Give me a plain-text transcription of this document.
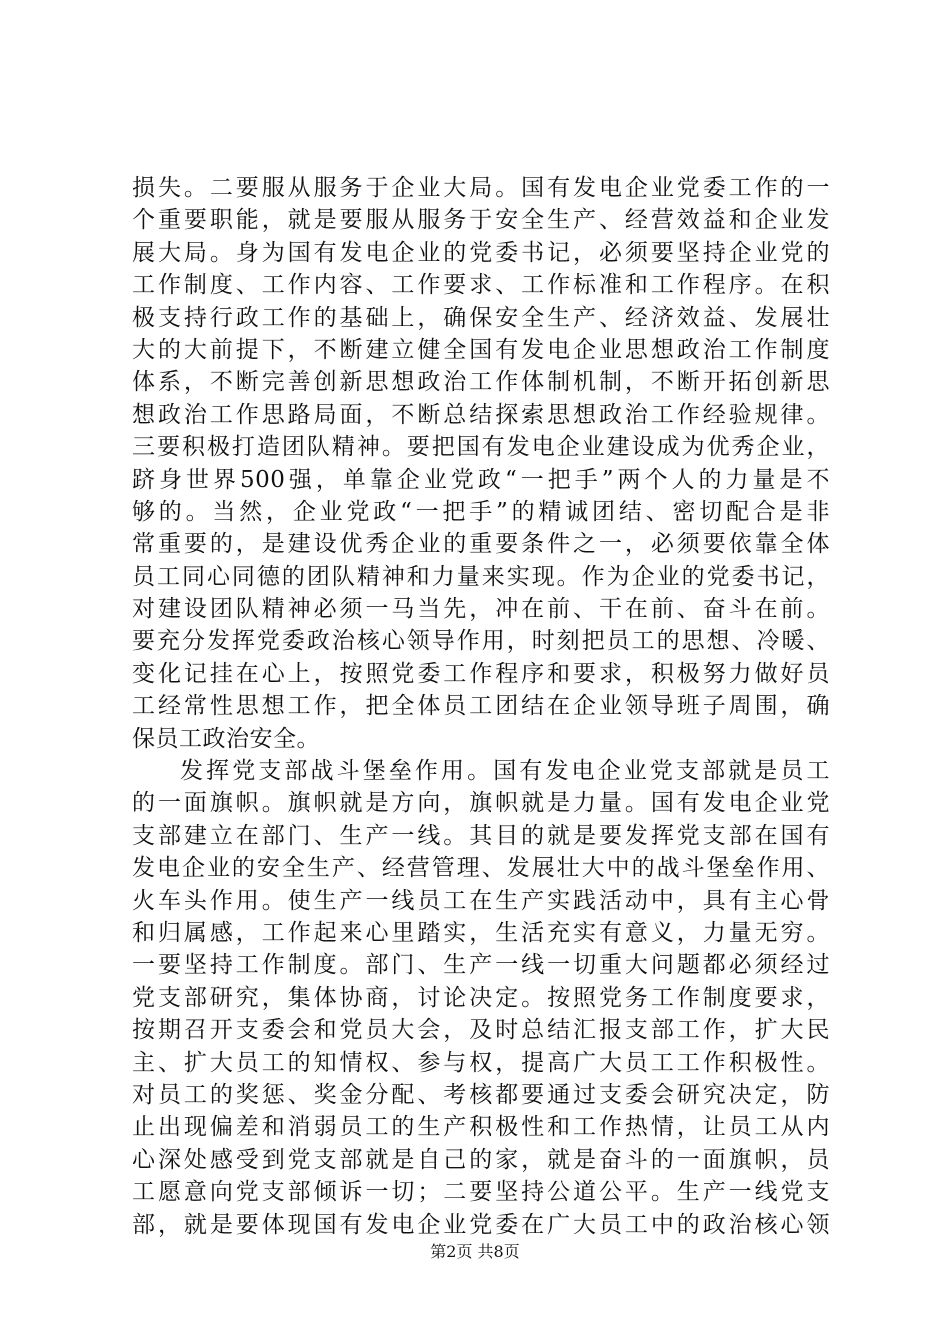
损失。二要服从服务于企业大局。国有发电企业党委工作的一
个重要职能，就是要服从服务于安全生产、经营效益和企业发
展大局。身为国有发电企业的党委书记，必须要坚持企业党的
工作制度、工作内容、工作要求、工作标准和工作程序。在积
极支持行政工作的基础上，确保安全生产、经济效益、发展壮
大的大前提下，不断建立健全国有发电企业思想政治工作制度
体系，不断完善创新思想政治工作体制机制，不断开拓创新思
想政治工作思路局面，不断总结探索思想政治工作经验规律。
三要积极打造团队精神。要把国有发电企业建设成为优秀企业，
跻身世界500强，单靠企业党政“一把手”两个人的力量是不
够的。当然，企业党政“一把手”的精诚团结、密切配合是非
常重要的，是建设优秀企业的重要条件之一，必须要依靠全体
员工同心同德的团队精神和力量来实现。作为企业的党委书记，
对建设团队精神必须一马当先，冲在前、干在前、奋斗在前。
要充分发挥党委政治核心领导作用，时刻把员工的思想、冷暖、
变化记挂在心上，按照党委工作程序和要求，积极努力做好员
工经常性思想工作，把全体员工团结在企业领导班子周围，确
保员工政治安全。
发挥党支部战斗堡垒作用。国有发电企业党支部就是员工
的一面旗帜。旗帜就是方向，旗帜就是力量。国有发电企业党
支部建立在部门、生产一线。其目的就是要发挥党支部在国有
发电企业的安全生产、经营管理、发展壮大中的战斗堡垒作用、
火车头作用。使生产一线员工在生产实践活动中，具有主心骨
和归属感，工作起来心里踏实，生活充实有意义，力量无穷。
一要坚持工作制度。部门、生产一线一切重大问题都必须经过
党支部研究，集体协商，讨论决定。按照党务工作制度要求，
按期召开支委会和党员大会，及时总结汇报支部工作，扩大民
主、扩大员工的知情权、参与权，提高广大员工工作积极性。
对员工的奖惩、奖金分配、考核都要通过支委会研究决定，防
止出现偏差和消弱员工的生产积极性和工作热情，让员工从内
心深处感受到党支部就是自己的家，就是奋斗的一面旗帜，员
工愿意向党支部倾诉一切；二要坚持公道公平。生产一线党支
部，就是要体现国有发电企业党委在广大员工中的政治核心领
第2页 共8页
